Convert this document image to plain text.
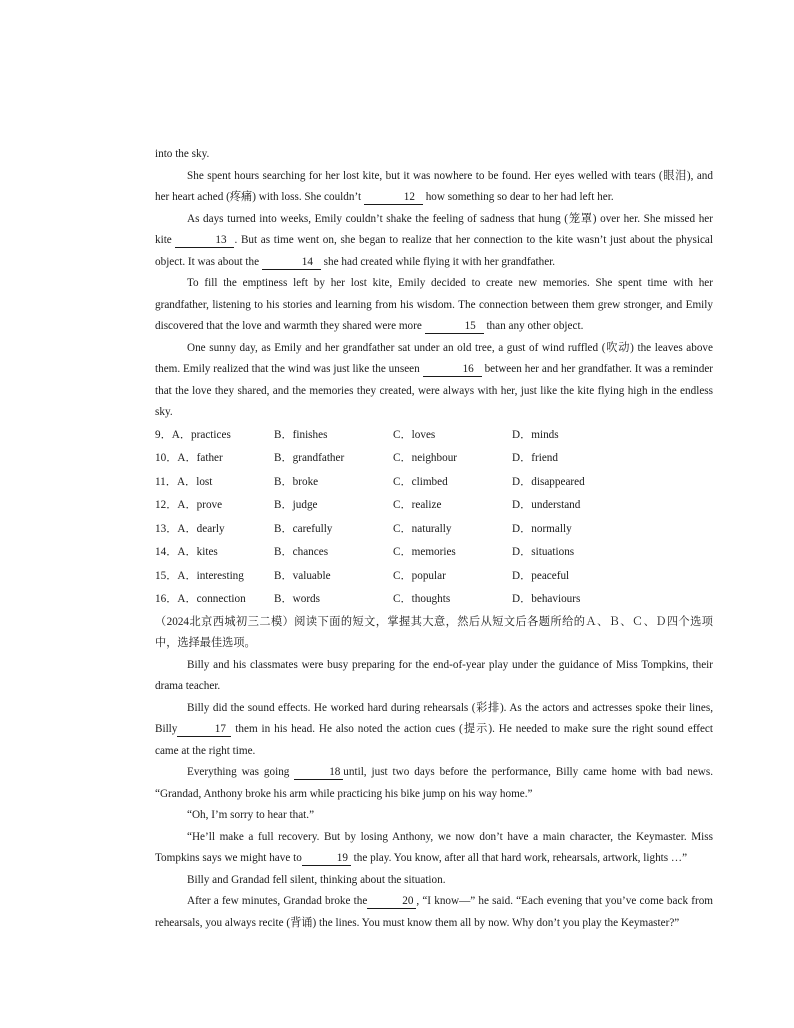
into the sky.

She spent hours searching for her lost kite, but it was nowhere to be found. Her eyes welled with tears (眼泪), and her heart ached (疼痛) with loss. She couldn’t	12 how something so dear to her had left her.

As days turned into weeks, Emily couldn’t shake the feeling of sadness that hung (笼罩) over her. She missed her kite	13 . But as time went on, she began to realize that her connection to the kite wasn’t just about the physical object. It was about the	14 she had created while flying it with her grandfather.

To fill the emptiness left by her lost kite, Emily decided to create new memories. She spent time with her grandfather, listening to his stories and learning from his wisdom. The connection between them grew stronger, and Emily discovered that the love and warmth they shared were more	15 than any other object.

One sunny day, as Emily and her grandfather sat under an old tree, a gust of wind ruffled (吹动) the leaves above them. Emily realized that the wind was just like the unseen	16 between her and her grandfather. It was a reminder that the love they shared, and the memories they created, were always with her, just like the kite flying high in the endless sky.

9．A．practices	B．finishes	C．loves	D．minds
10．A．father	B．grandfather	C．neighbour	D．friend
11．A．lost	B．broke	C．climbed	D．disappeared
12．A．prove	B．judge	C．realize	D．understand
13．A．dearly	B．carefully	C．naturally	D．normally
14．A．kites	B．chances	C．memories	D．situations
15．A．interesting	B．valuable	C．popular	D．peaceful
16．A．connection	B．words	C．thoughts	D．behaviours

（2024北京西城初三二模）阅读下面的短文，掌握其大意，然后从短文后各题所给的Ａ、Ｂ、Ｃ、Ｄ四个选项中，选择最佳选项。

Billy and his classmates were busy preparing for the end-of-year play under the guidance of Miss Tompkins, their drama teacher.

Billy did the sound effects. He worked hard during rehearsals (彩排). As the actors and actresses spoke their lines, Billy	17 them in his head. He also noted the action cues (提示). He needed to make sure the right sound effect came at the right time.

Everything was going	18 until, just two days before the performance, Billy came home with bad news. “Grandad, Anthony broke his arm while practicing his bike jump on his way home.”

“Oh, I’m sorry to hear that.”

“He’ll make a full recovery. But by losing Anthony, we now don’t have a main character, the Keymaster. Miss Tompkins says we might have to	19 the play. You know, after all that hard work, rehearsals, artwork, lights …”

Billy and Grandad fell silent, thinking about the situation.

After a few minutes, Grandad broke the	20 , “I know—” he said. “Each evening that you’ve come back from rehearsals, you always recite (背诵) the lines. You must know them all by now. Why don’t you play the Keymaster?”
